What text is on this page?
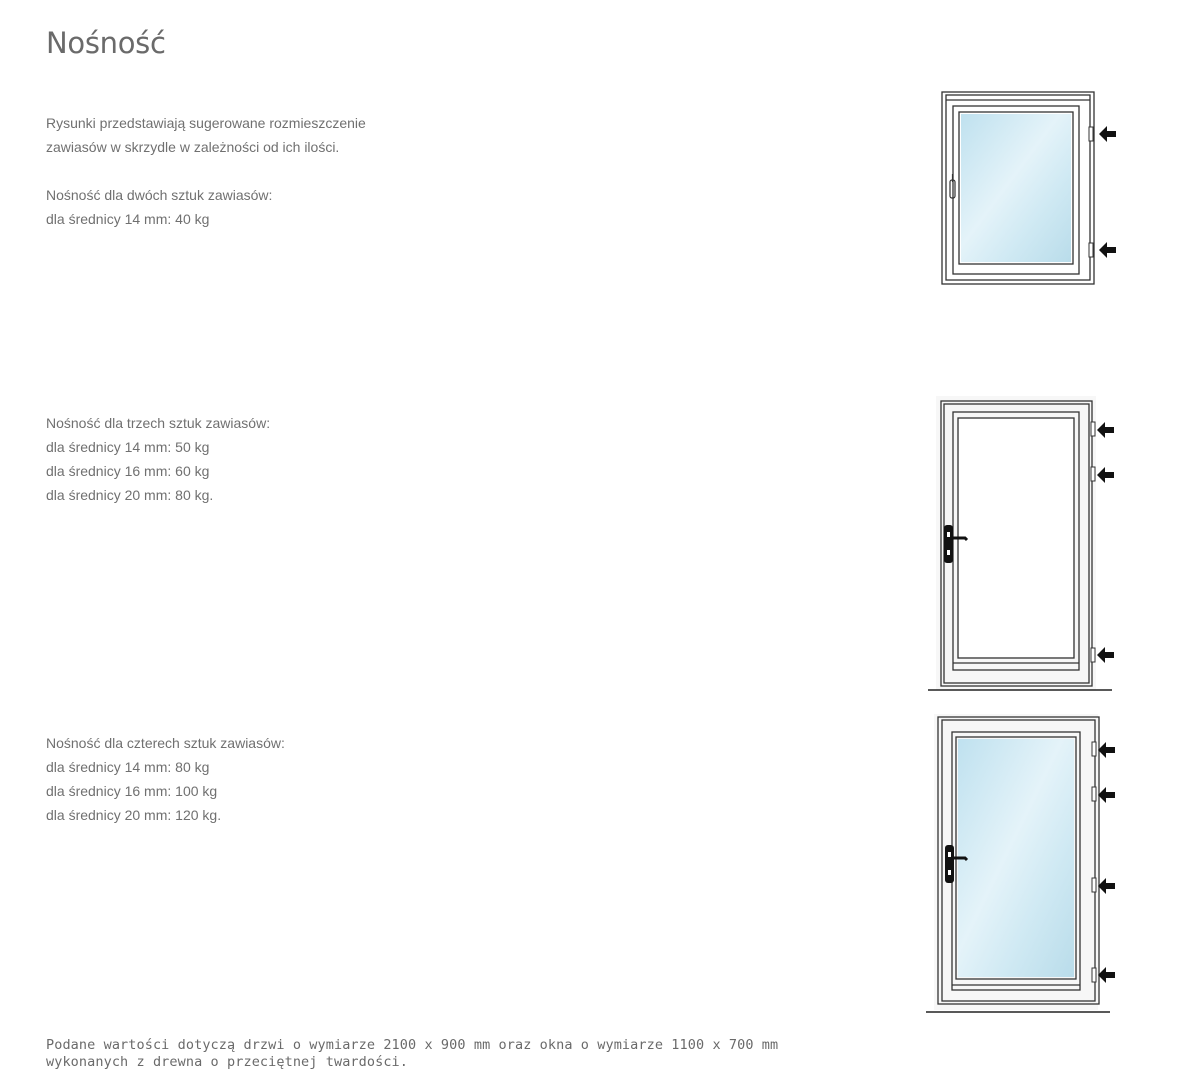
Nośność

Rysunki przedstawiają sugerowane rozmieszczenie

zawiasów w skrzydle w zależności od ich ilości.

Nośność dla dwóch sztuk zawiasów:

dla średnicy 14 mm: 40 kg

Nośność dla trzech sztuk zawiasów:

dla średnicy 14 mm: 50 kg

dla średnicy 16 mm: 60 kg

dla średnicy 20 mm: 80 kg.

Nośność dla czterech sztuk zawiasów:

dla średnicy 14 mm: 80 kg

dla średnicy 16 mm: 100 kg

dla średnicy 20 mm: 120 kg.

Podane wartości dotyczą drzwi o wymiarze 2100 x 900 mm oraz okna o wymiarze 1100 x 700 mm

wykonanych z drewna o przeciętnej twardości.
